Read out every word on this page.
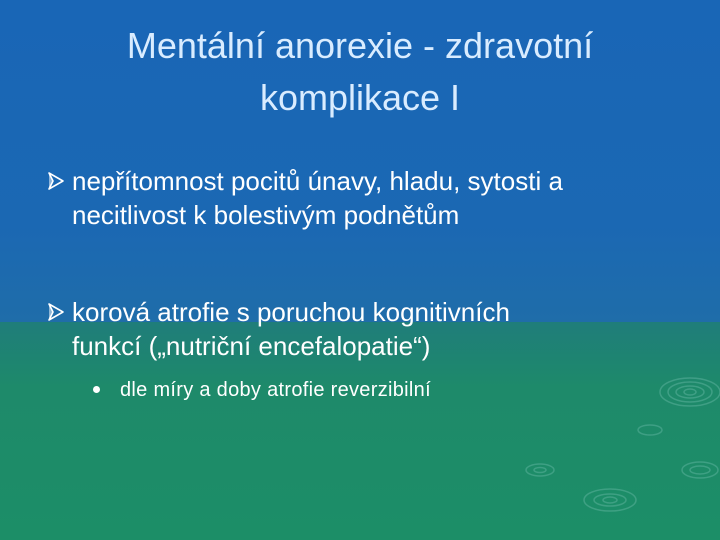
Mentální anorexie - zdravotní
komplikace I
nepřítomnost pocitů únavy, hladu, sytosti a
necitlivost k bolestivým podnětům
korová atrofie s poruchou kognitivních
funkcí („nutriční encefalopatie“)
dle míry a doby atrofie reverzibilní
